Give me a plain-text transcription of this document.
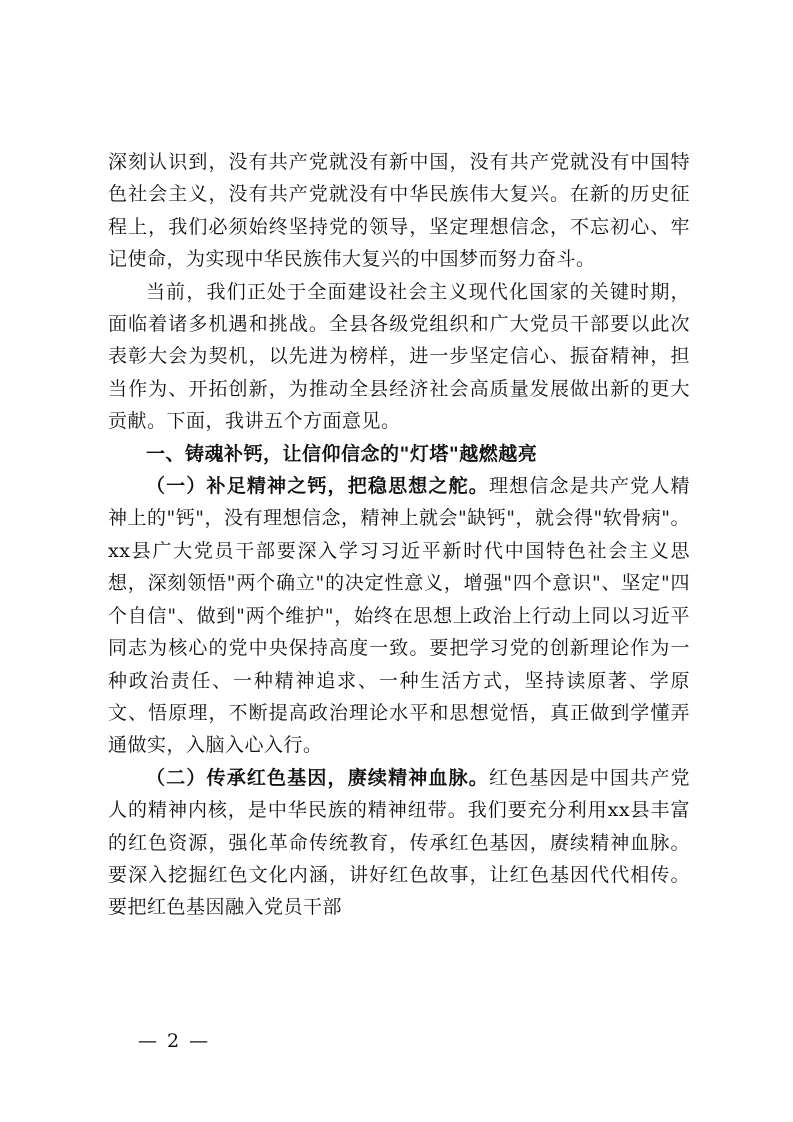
深刻认识到，没有共产党就没有新中国，没有共产党就没有中国特色社会主义，没有共产党就没有中华民族伟大复兴。在新的历史征程上，我们必须始终坚持党的领导，坚定理想信念，不忘初心、牢记使命，为实现中华民族伟大复兴的中国梦而努力奋斗。

当前，我们正处于全面建设社会主义现代化国家的关键时期，面临着诸多机遇和挑战。全县各级党组织和广大党员干部要以此次表彰大会为契机，以先进为榜样，进一步坚定信心、振奋精神，担当作为、开拓创新，为推动全县经济社会高质量发展做出新的更大贡献。下面，我讲五个方面意见。

一、铸魂补钙，让信仰信念的"灯塔"越燃越亮

（一）补足精神之钙，把稳思想之舵。理想信念是共产党人精神上的"钙"，没有理想信念，精神上就会"缺钙"，就会得"软骨病"。xx县广大党员干部要深入学习习近平新时代中国特色社会主义思想，深刻领悟"两个确立"的决定性意义，增强"四个意识"、坚定"四个自信"、做到"两个维护"，始终在思想上政治上行动上同以习近平同志为核心的党中央保持高度一致。要把学习党的创新理论作为一种政治责任、一种精神追求、一种生活方式，坚持读原著、学原文、悟原理，不断提高政治理论水平和思想觉悟，真正做到学懂弄通做实，入脑入心入行。

（二）传承红色基因，赓续精神血脉。红色基因是中国共产党人的精神内核，是中华民族的精神纽带。我们要充分利用xx县丰富的红色资源，强化革命传统教育，传承红色基因，赓续精神血脉。要深入挖掘红色文化内涵，讲好红色故事，让红色基因代代相传。要把红色基因融入党员干部

— 2 —
